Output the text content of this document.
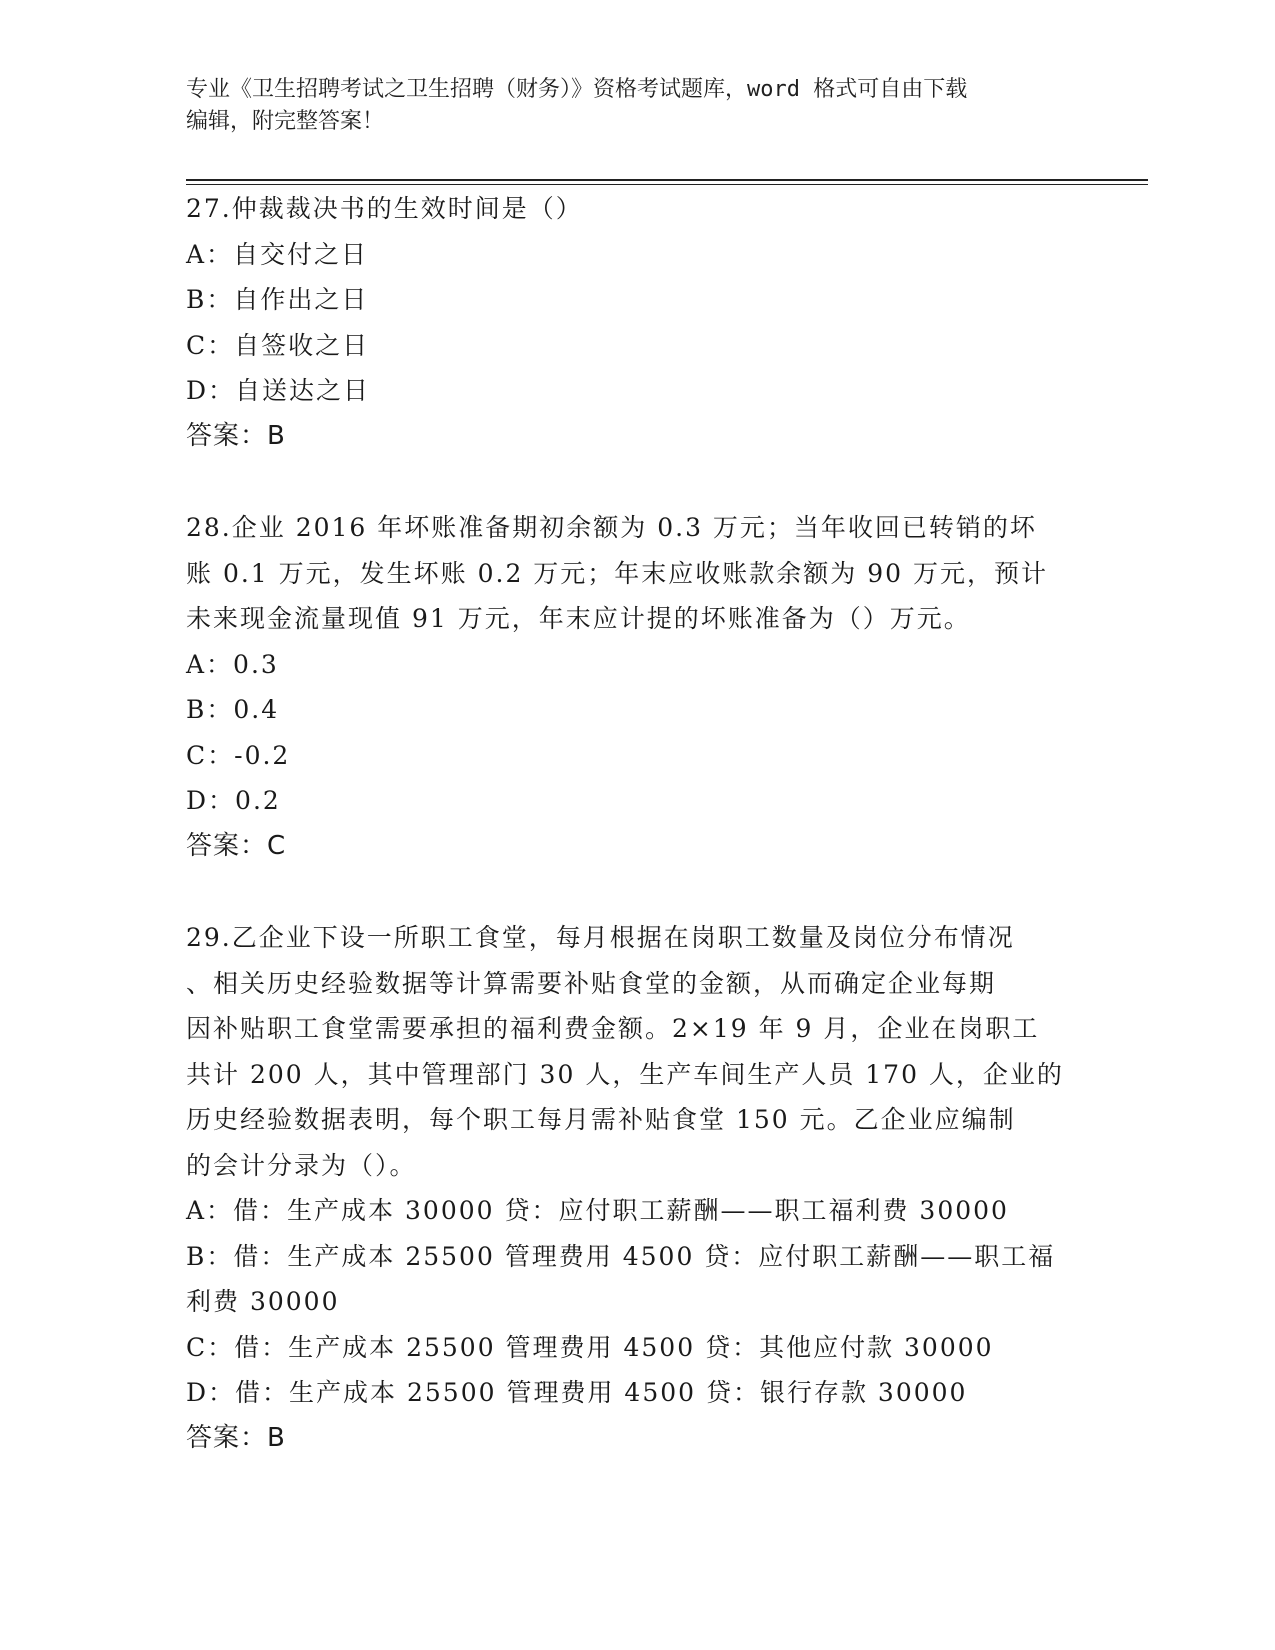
专业《卫生招聘考试之卫生招聘（财务）》资格考试题库，word 格式可自由下载
编辑，附完整答案！
27.仲裁裁决书的生效时间是（）
A：自交付之日
B：自作出之日
C：自签收之日
D：自送达之日
答案：B
28.企业 2016 年坏账准备期初余额为 0.3 万元；当年收回已转销的坏
账 0.1 万元，发生坏账 0.2 万元；年末应收账款余额为 90 万元，预计
未来现金流量现值 91 万元，年末应计提的坏账准备为（）万元。
A：0.3
B：0.4
C：-0.2
D：0.2
答案：C
29.乙企业下设一所职工食堂，每月根据在岗职工数量及岗位分布情况
、相关历史经验数据等计算需要补贴食堂的金额，从而确定企业每期
因补贴职工食堂需要承担的福利费金额。2×19 年 9 月，企业在岗职工
共计 200 人，其中管理部门 30 人，生产车间生产人员 170 人，企业的
历史经验数据表明，每个职工每月需补贴食堂 150 元。乙企业应编制
的会计分录为（）。
A：借：生产成本 30000 贷：应付职工薪酬——职工福利费 30000
B：借：生产成本 25500 管理费用 4500 贷：应付职工薪酬——职工福
利费 30000
C：借：生产成本 25500 管理费用 4500 贷：其他应付款 30000
D：借：生产成本 25500 管理费用 4500 贷：银行存款 30000
答案：B
